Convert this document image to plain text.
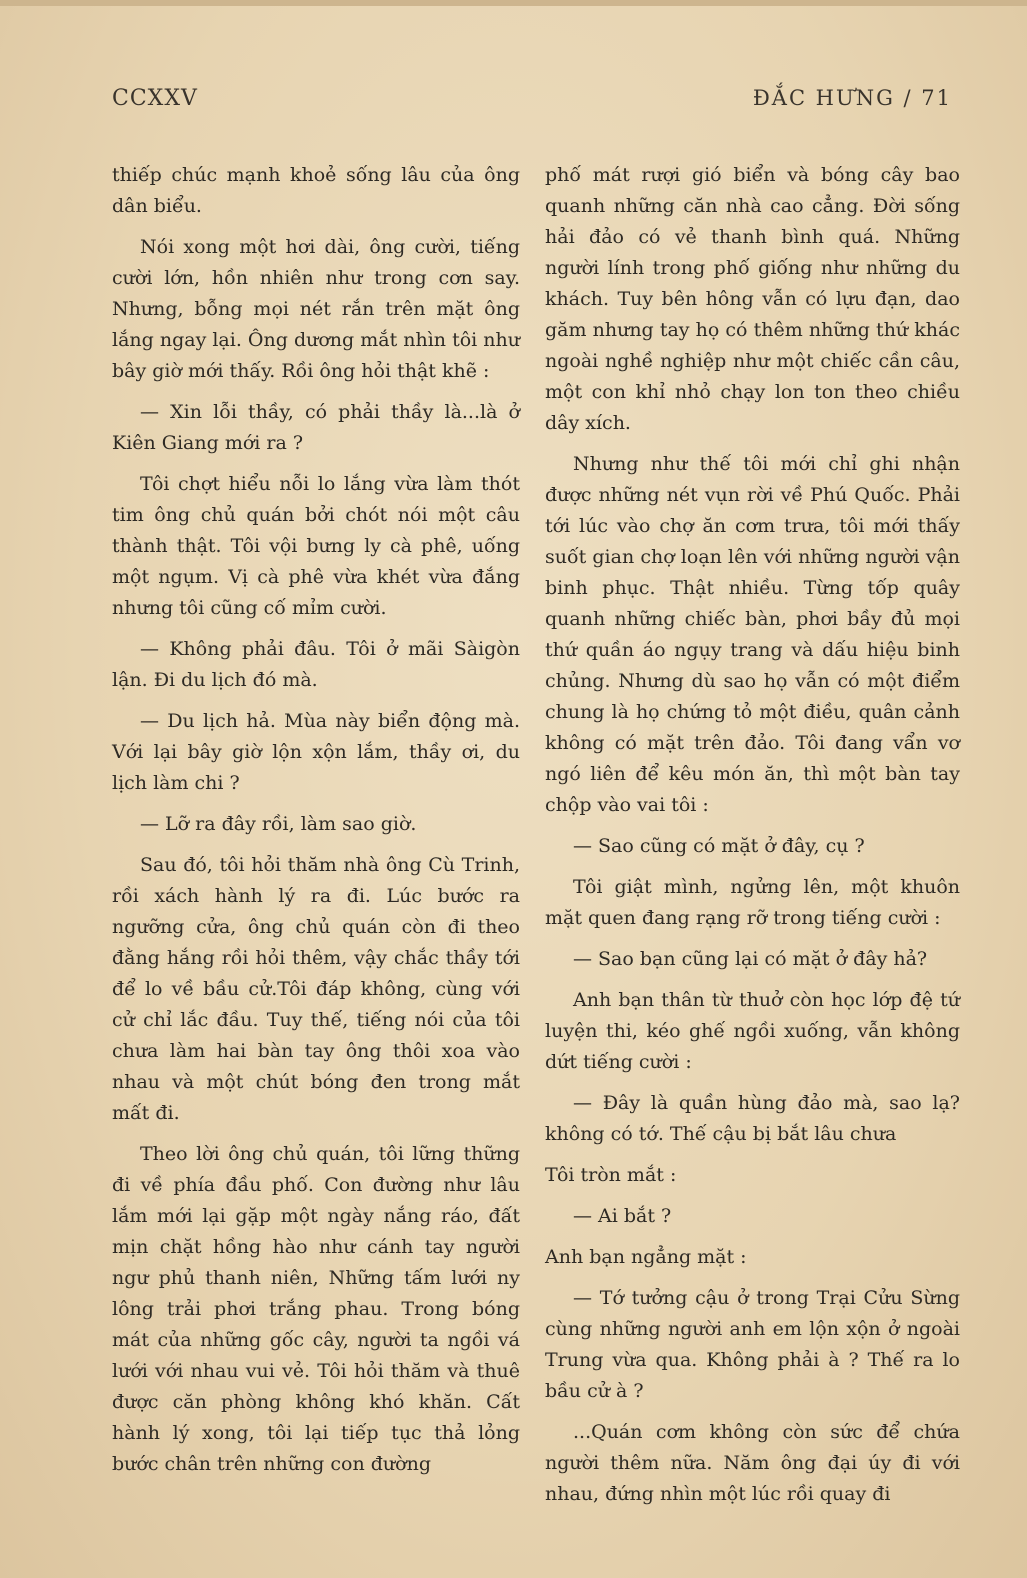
CCXXV	ĐẮC HƯNG / 71

thiếp chúc mạnh khoẻ sống lâu của ông dân biểu.

Nói xong một hơi dài, ông cười, tiếng cười lớn, hồn nhiên như trong cơn say. Nhưng, bỗng mọi nét rắn trên mặt ông lắng ngay lại. Ông dương mắt nhìn tôi như bây giờ mới thấy. Rồi ông hỏi thật khẽ :

— Xin lỗi thầy, có phải thầy là...là ở Kiên Giang mới ra ?

Tôi chợt hiểu nỗi lo lắng vừa làm thót tim ông chủ quán bởi chót nói một câu thành thật. Tôi vội bưng ly cà phê, uống một ngụm. Vị cà phê vừa khét vừa đắng nhưng tôi cũng cố mỉm cười.

— Không phải đâu. Tôi ở mãi Sàigòn lận. Đi du lịch đó mà.

— Du lịch hả. Mùa này biển động mà. Với lại bây giờ lộn xộn lắm, thầy ơi, du lịch làm chi ?

— Lỡ ra đây rồi, làm sao giờ.

Sau đó, tôi hỏi thăm nhà ông Cù Trinh, rồi xách hành lý ra đi. Lúc bước ra ngưỡng cửa, ông chủ quán còn đi theo đằng hắng rồi hỏi thêm, vậy chắc thầy tới để lo về bầu cử.Tôi đáp không, cùng với cử chỉ lắc đầu. Tuy thế, tiếng nói của tôi chưa làm hai bàn tay ông thôi xoa vào nhau và một chút bóng đen trong mắt mất đi.

Theo lời ông chủ quán, tôi lững thững đi về phía đầu phố. Con đường như lâu lắm mới lại gặp một ngày nắng ráo, đất mịn chặt hồng hào như cánh tay người ngư phủ thanh niên, Những tấm lưới ny lông trải phơi trắng phau. Trong bóng mát của những gốc cây, người ta ngồi vá lưới với nhau vui vẻ. Tôi hỏi thăm và thuê được căn phòng không khó khăn. Cất hành lý xong, tôi lại tiếp tục thả lỏng bước chân trên những con đường

phố mát rượi gió biển và bóng cây bao quanh những căn nhà cao cẳng. Đời sống hải đảo có vẻ thanh bình quá. Những người lính trong phố giống như những du khách. Tuy bên hông vẫn có lựu đạn, dao găm nhưng tay họ có thêm những thứ khác ngoài nghề nghiệp như một chiếc cần câu, một con khỉ nhỏ chạy lon ton theo chiều dây xích.

Nhưng như thế tôi mới chỉ ghi nhận được những nét vụn rời về Phú Quốc. Phải tới lúc vào chợ ăn cơm trưa, tôi mới thấy suốt gian chợ loạn lên với những người vận binh phục. Thật nhiều. Từng tốp quây quanh những chiếc bàn, phơi bầy đủ mọi thứ quần áo ngụy trang và dấu hiệu binh chủng. Nhưng dù sao họ vẫn có một điểm chung là họ chứng tỏ một điều, quân cảnh không có mặt trên đảo. Tôi đang vẩn vơ ngó liên để kêu món ăn, thì một bàn tay chộp vào vai tôi :

— Sao cũng có mặt ở đây, cụ ?

Tôi giật mình, ngửng lên, một khuôn mặt quen đang rạng rỡ trong tiếng cười :

— Sao bạn cũng lại có mặt ở đây hả?

Anh bạn thân từ thuở còn học lớp đệ tứ luyện thi, kéo ghế ngồi xuống, vẫn không dứt tiếng cười :

— Đây là quần hùng đảo mà, sao lạ? không có tớ. Thế cậu bị bắt lâu chưa

Tôi tròn mắt :

— Ai bắt ?

Anh bạn ngẳng mặt :

— Tớ tưởng cậu ở trong Trại Cửu Sừng cùng những người anh em lộn xộn ở ngoài Trung vừa qua. Không phải à ? Thế ra lo bầu cử à ?

...Quán cơm không còn sức để chứa người thêm nữa. Năm ông đại úy đi với nhau, đứng nhìn một lúc rồi quay đi
